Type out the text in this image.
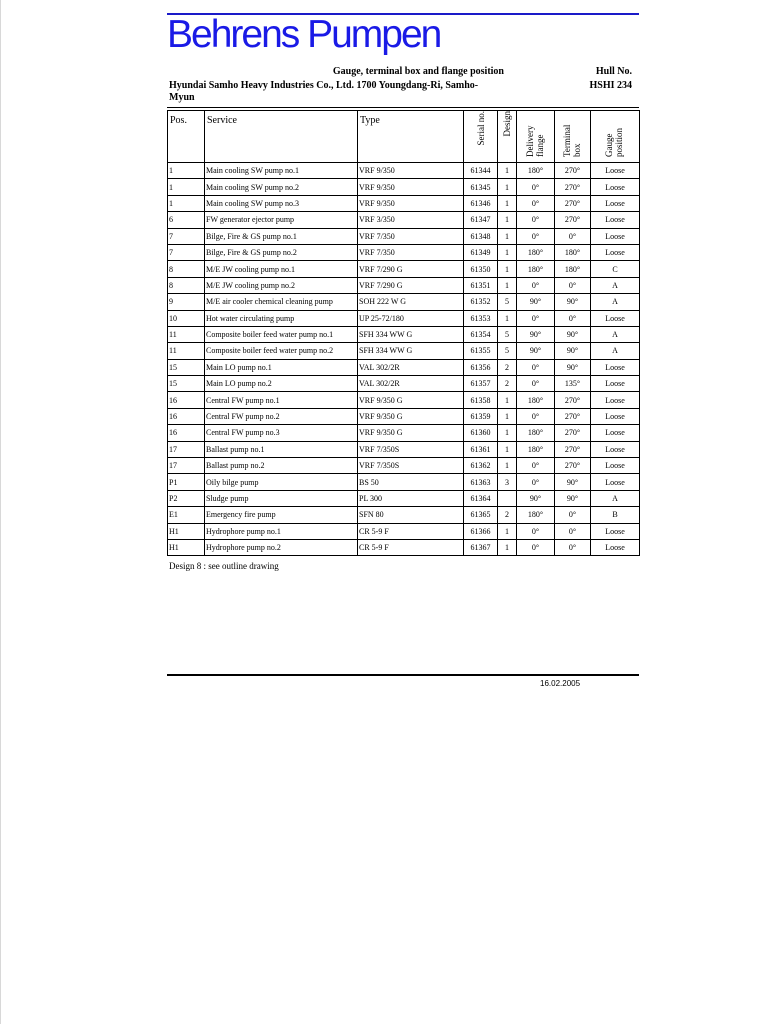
Behrens Pumpen
Gauge, terminal box and flange position	Hull No.
Hyundai Samho Heavy Industries Co., Ltd. 1700 Youngdang-Ri, Samho-Myun
HSHI 234
Pos.	Service	Type	Serial no.	Design	Delivery flange	Terminal box	Gauge position
1	Main cooling SW pump no.1	VRF 9/350	61344	1	180°	270°	Loose
1	Main cooling SW pump no.2	VRF 9/350	61345	1	0°	270°	Loose
1	Main cooling SW pump no.3	VRF 9/350	61346	1	0°	270°	Loose
6	FW generator ejector pump	VRF 3/350	61347	1	0°	270°	Loose
7	Bilge, Fire & GS pump no.1	VRF 7/350	61348	1	0°	0°	Loose
7	Bilge, Fire & GS pump no.2	VRF 7/350	61349	1	180°	180°	Loose
8	M/E JW cooling pump no.1	VRF 7/290 G	61350	1	180°	180°	C
8	M/E JW cooling pump no.2	VRF 7/290 G	61351	1	0°	0°	A
9	M/E air cooler chemical cleaning pump	SOH 222 W G	61352	5	90°	90°	A
10	Hot water circulating pump	UP 25-72/180	61353	1	0°	0°	Loose
11	Composite boiler feed water pump no.1	SFH 334 WW G	61354	5	90°	90°	A
11	Composite boiler feed water pump no.2	SFH 334 WW G	61355	5	90°	90°	A
15	Main LO pump no.1	VAL 302/2R	61356	2	0°	90°	Loose
15	Main LO pump no.2	VAL 302/2R	61357	2	0°	135°	Loose
16	Central FW pump no.1	VRF 9/350 G	61358	1	180°	270°	Loose
16	Central FW pump no.2	VRF 9/350 G	61359	1	0°	270°	Loose
16	Central FW pump no.3	VRF 9/350 G	61360	1	180°	270°	Loose
17	Ballast pump no.1	VRF 7/350S	61361	1	180°	270°	Loose
17	Ballast pump no.2	VRF 7/350S	61362	1	0°	270°	Loose
P1	Oily bilge pump	BS 50	61363	3	0°	90°	Loose
P2	Sludge pump	PL 300	61364		90°	90°	A
E1	Emergency fire pump	SFN 80	61365	2	180°	0°	B
H1	Hydrophore pump no.1	CR 5-9 F	61366	1	0°	0°	Loose
H1	Hydrophore pump no.2	CR 5-9 F	61367	1	0°	0°	Loose
Design 8 : see outline drawing
16.02.2005
